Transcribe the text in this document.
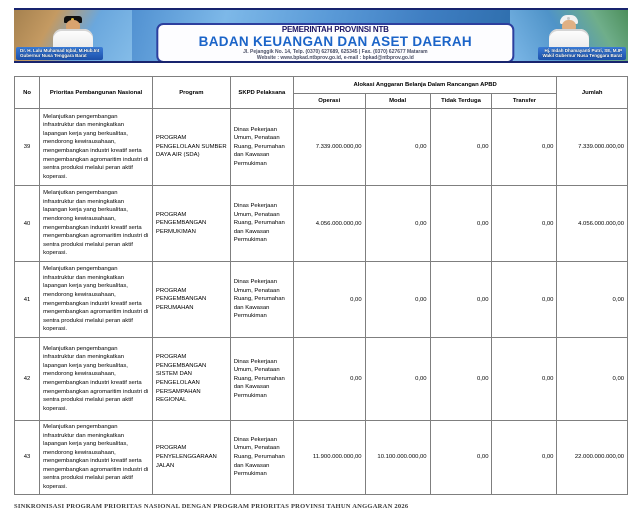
Dr. H. Lalu Muhamad Iqbal, M.Hub.Int
Gubernur Nusa Tenggara Barat
Hj. Indah Dhamayanti Putri, SE, M.IP
Wakil Gubernur Nusa Tenggara Barat
PEMERINTAH PROVINSI NTB
BADAN KEUANGAN DAN ASET DAERAH
Jl. Pejanggik No. 14, Telp. (0370) 627689, 625345 | Fax. (0370) 627677 Mataram
Website : www.bpkad.ntbprov.go.id, e-mail : bpkad@ntbprov.go.id
No	Prioritas Pembangunan Nasional	Program	SKPD Pelaksana	Alokasi Anggaran Belanja Dalam Rancangan APBD				Jumlah
				Operasi	Modal	Tidak Terduga	Transfer	
39	Melanjutkan pengembangan infrastruktur dan meningkatkan lapangan kerja yang berkualitas, mendorong kewirausahaan, mengembangkan industri kreatif serta mengembangkan agromaritim industri di sentra produksi melalui peran aktif koperasi.	PROGRAM PENGELOLAAN SUMBER DAYA AIR (SDA)	Dinas Pekerjaan Umum, Penataan Ruang, Perumahan dan Kawasan Permukiman	7.339.000.000,00	0,00	0,00	0,00	7.339.000.000,00
40	Melanjutkan pengembangan infrastruktur dan meningkatkan lapangan kerja yang berkualitas, mendorong kewirausahaan, mengembangkan industri kreatif serta mengembangkan agromaritim industri di sentra produksi melalui peran aktif koperasi.	PROGRAM PENGEMBANGAN PERMUKIMAN	Dinas Pekerjaan Umum, Penataan Ruang, Perumahan dan Kawasan Permukiman	4.056.000.000,00	0,00	0,00	0,00	4.056.000.000,00
41	Melanjutkan pengembangan infrastruktur dan meningkatkan lapangan kerja yang berkualitas, mendorong kewirausahaan, mengembangkan industri kreatif serta mengembangkan agromaritim industri di sentra produksi melalui peran aktif koperasi.	PROGRAM PENGEMBANGAN PERUMAHAN	Dinas Pekerjaan Umum, Penataan Ruang, Perumahan dan Kawasan Permukiman	0,00	0,00	0,00	0,00	0,00
42	Melanjutkan pengembangan infrastruktur dan meningkatkan lapangan kerja yang berkualitas, mendorong kewirausahaan, mengembangkan industri kreatif serta mengembangkan agromaritim industri di sentra produksi melalui peran aktif koperasi.	PROGRAM PENGEMBANGAN SISTEM DAN PENGELOLAAN PERSAMPAHAN REGIONAL	Dinas Pekerjaan Umum, Penataan Ruang, Perumahan dan Kawasan Permukiman	0,00	0,00	0,00	0,00	0,00
43	Melanjutkan pengembangan infrastruktur dan meningkatkan lapangan kerja yang berkualitas, mendorong kewirausahaan, mengembangkan industri kreatif serta mengembangkan agromaritim industri di sentra produksi melalui peran aktif koperasi.	PROGRAM PENYELENGGARAAN JALAN	Dinas Pekerjaan Umum, Penataan Ruang, Perumahan dan Kawasan Permukiman	11.900.000.000,00	10.100.000.000,00	0,00	0,00	22.000.000.000,00
SINKRONISASI PROGRAM PRIORITAS NASIONAL DENGAN PROGRAM PRIORITAS PROVINSI TAHUN ANGGARAN 2026
